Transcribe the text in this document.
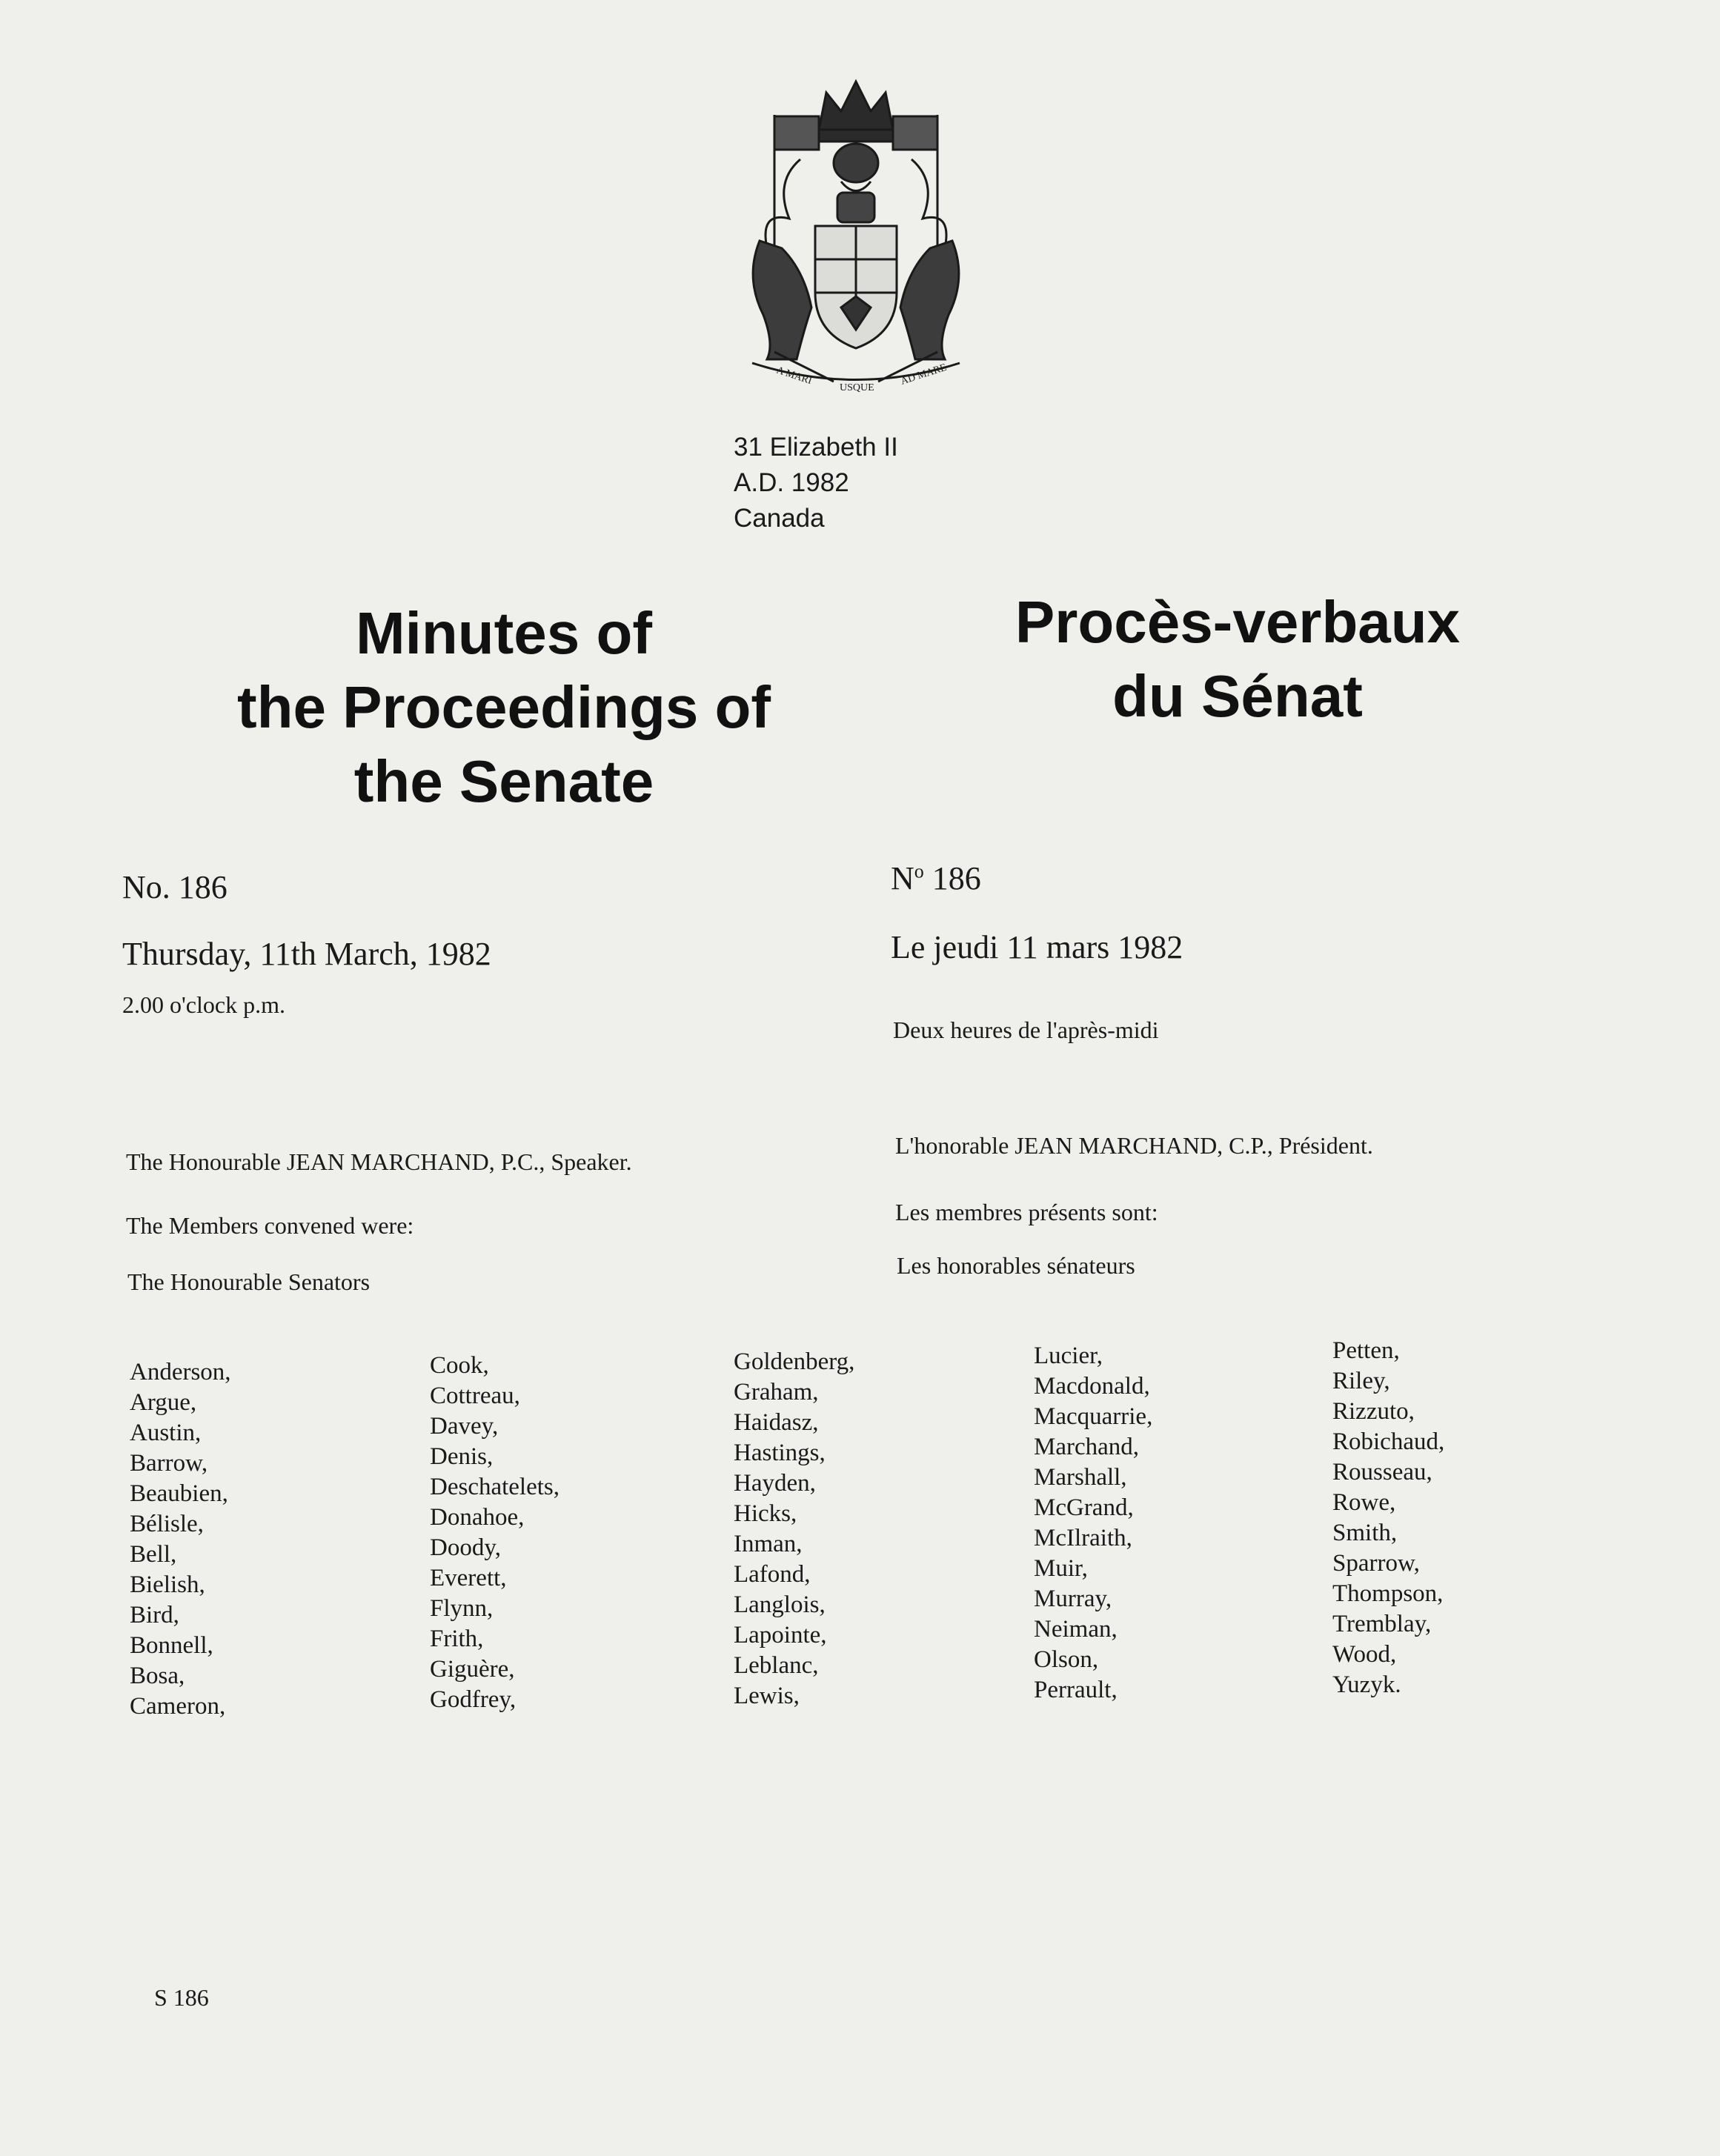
A MARI
USQUE
AD MARE
31 Elizabeth II
A.D. 1982
Canada
Minutes of
the Proceedings of
the Senate
Procès-verbaux
du Sénat
No. 186
Thursday, 11th March, 1982
2.00 o'clock p.m.
The Honourable JEAN MARCHAND, P.C., Speaker.
The Members convened were:
The Honourable Senators
Anderson,
Argue,
Austin,
Barrow,
Beaubien,
Bélisle,
Bell,
Bielish,
Bird,
Bonnell,
Bosa,
Cameron,
Cook,
Cottreau,
Davey,
Denis,
Deschatelets,
Donahoe,
Doody,
Everett,
Flynn,
Frith,
Giguère,
Godfrey,
Goldenberg,
Graham,
Haidasz,
Hastings,
Hayden,
Hicks,
Inman,
Lafond,
Langlois,
Lapointe,
Leblanc,
Lewis,
S 186
$N^o$ 186
Le jeudi 11 mars 1982
Deux heures de l'après-midi
L'honorable JEAN MARCHAND, C.P., Président.
Les membres présents sont:
Les honorables sénateurs
Lucier,
Macdonald,
Macquarrie,
Marchand,
Marshall,
McGrand,
McIlraith,
Muir,
Murray,
Neiman,
Olson,
Perrault,
Petten,
Riley,
Rizzuto,
Robichaud,
Rousseau,
Rowe,
Smith,
Sparrow,
Thompson,
Tremblay,
Wood,
Yuzyk.
